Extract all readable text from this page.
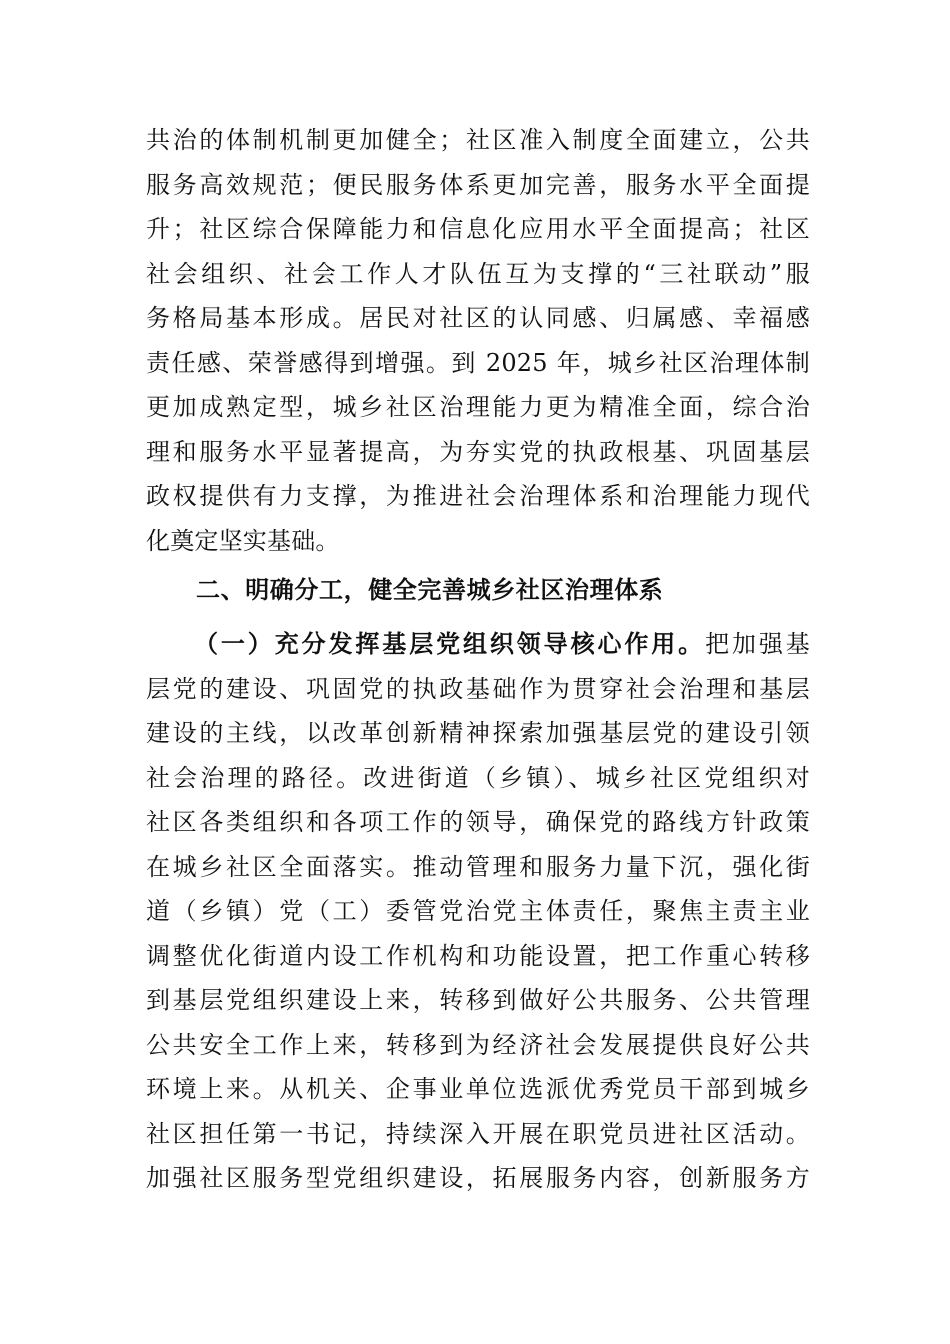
共治的体制机制更加健全；社区准入制度全面建立，公共
服务高效规范；便民服务体系更加完善，服务水平全面提
升；社区综合保障能力和信息化应用水平全面提高；社区
社会组织、社会工作人才队伍互为支撑的“三社联动”服
务格局基本形成。居民对社区的认同感、归属感、幸福感
责任感、荣誉感得到增强。到 2025 年，城乡社区治理体制
更加成熟定型，城乡社区治理能力更为精准全面，综合治
理和服务水平显著提高，为夯实党的执政根基、巩固基层
政权提供有力支撑，为推进社会治理体系和治理能力现代
化奠定坚实基础。
二、明确分工，健全完善城乡社区治理体系
（一）充分发挥基层党组织领导核心作用。把加强基
层党的建设、巩固党的执政基础作为贯穿社会治理和基层
建设的主线，以改革创新精神探索加强基层党的建设引领
社会治理的路径。改进街道（乡镇）、城乡社区党组织对
社区各类组织和各项工作的领导，确保党的路线方针政策
在城乡社区全面落实。推动管理和服务力量下沉，强化街
道（乡镇）党（工）委管党治党主体责任，聚焦主责主业
调整优化街道内设工作机构和功能设置，把工作重心转移
到基层党组织建设上来，转移到做好公共服务、公共管理
公共安全工作上来，转移到为经济社会发展提供良好公共
环境上来。从机关、企事业单位选派优秀党员干部到城乡
社区担任第一书记，持续深入开展在职党员进社区活动。
加强社区服务型党组织建设，拓展服务内容，创新服务方
